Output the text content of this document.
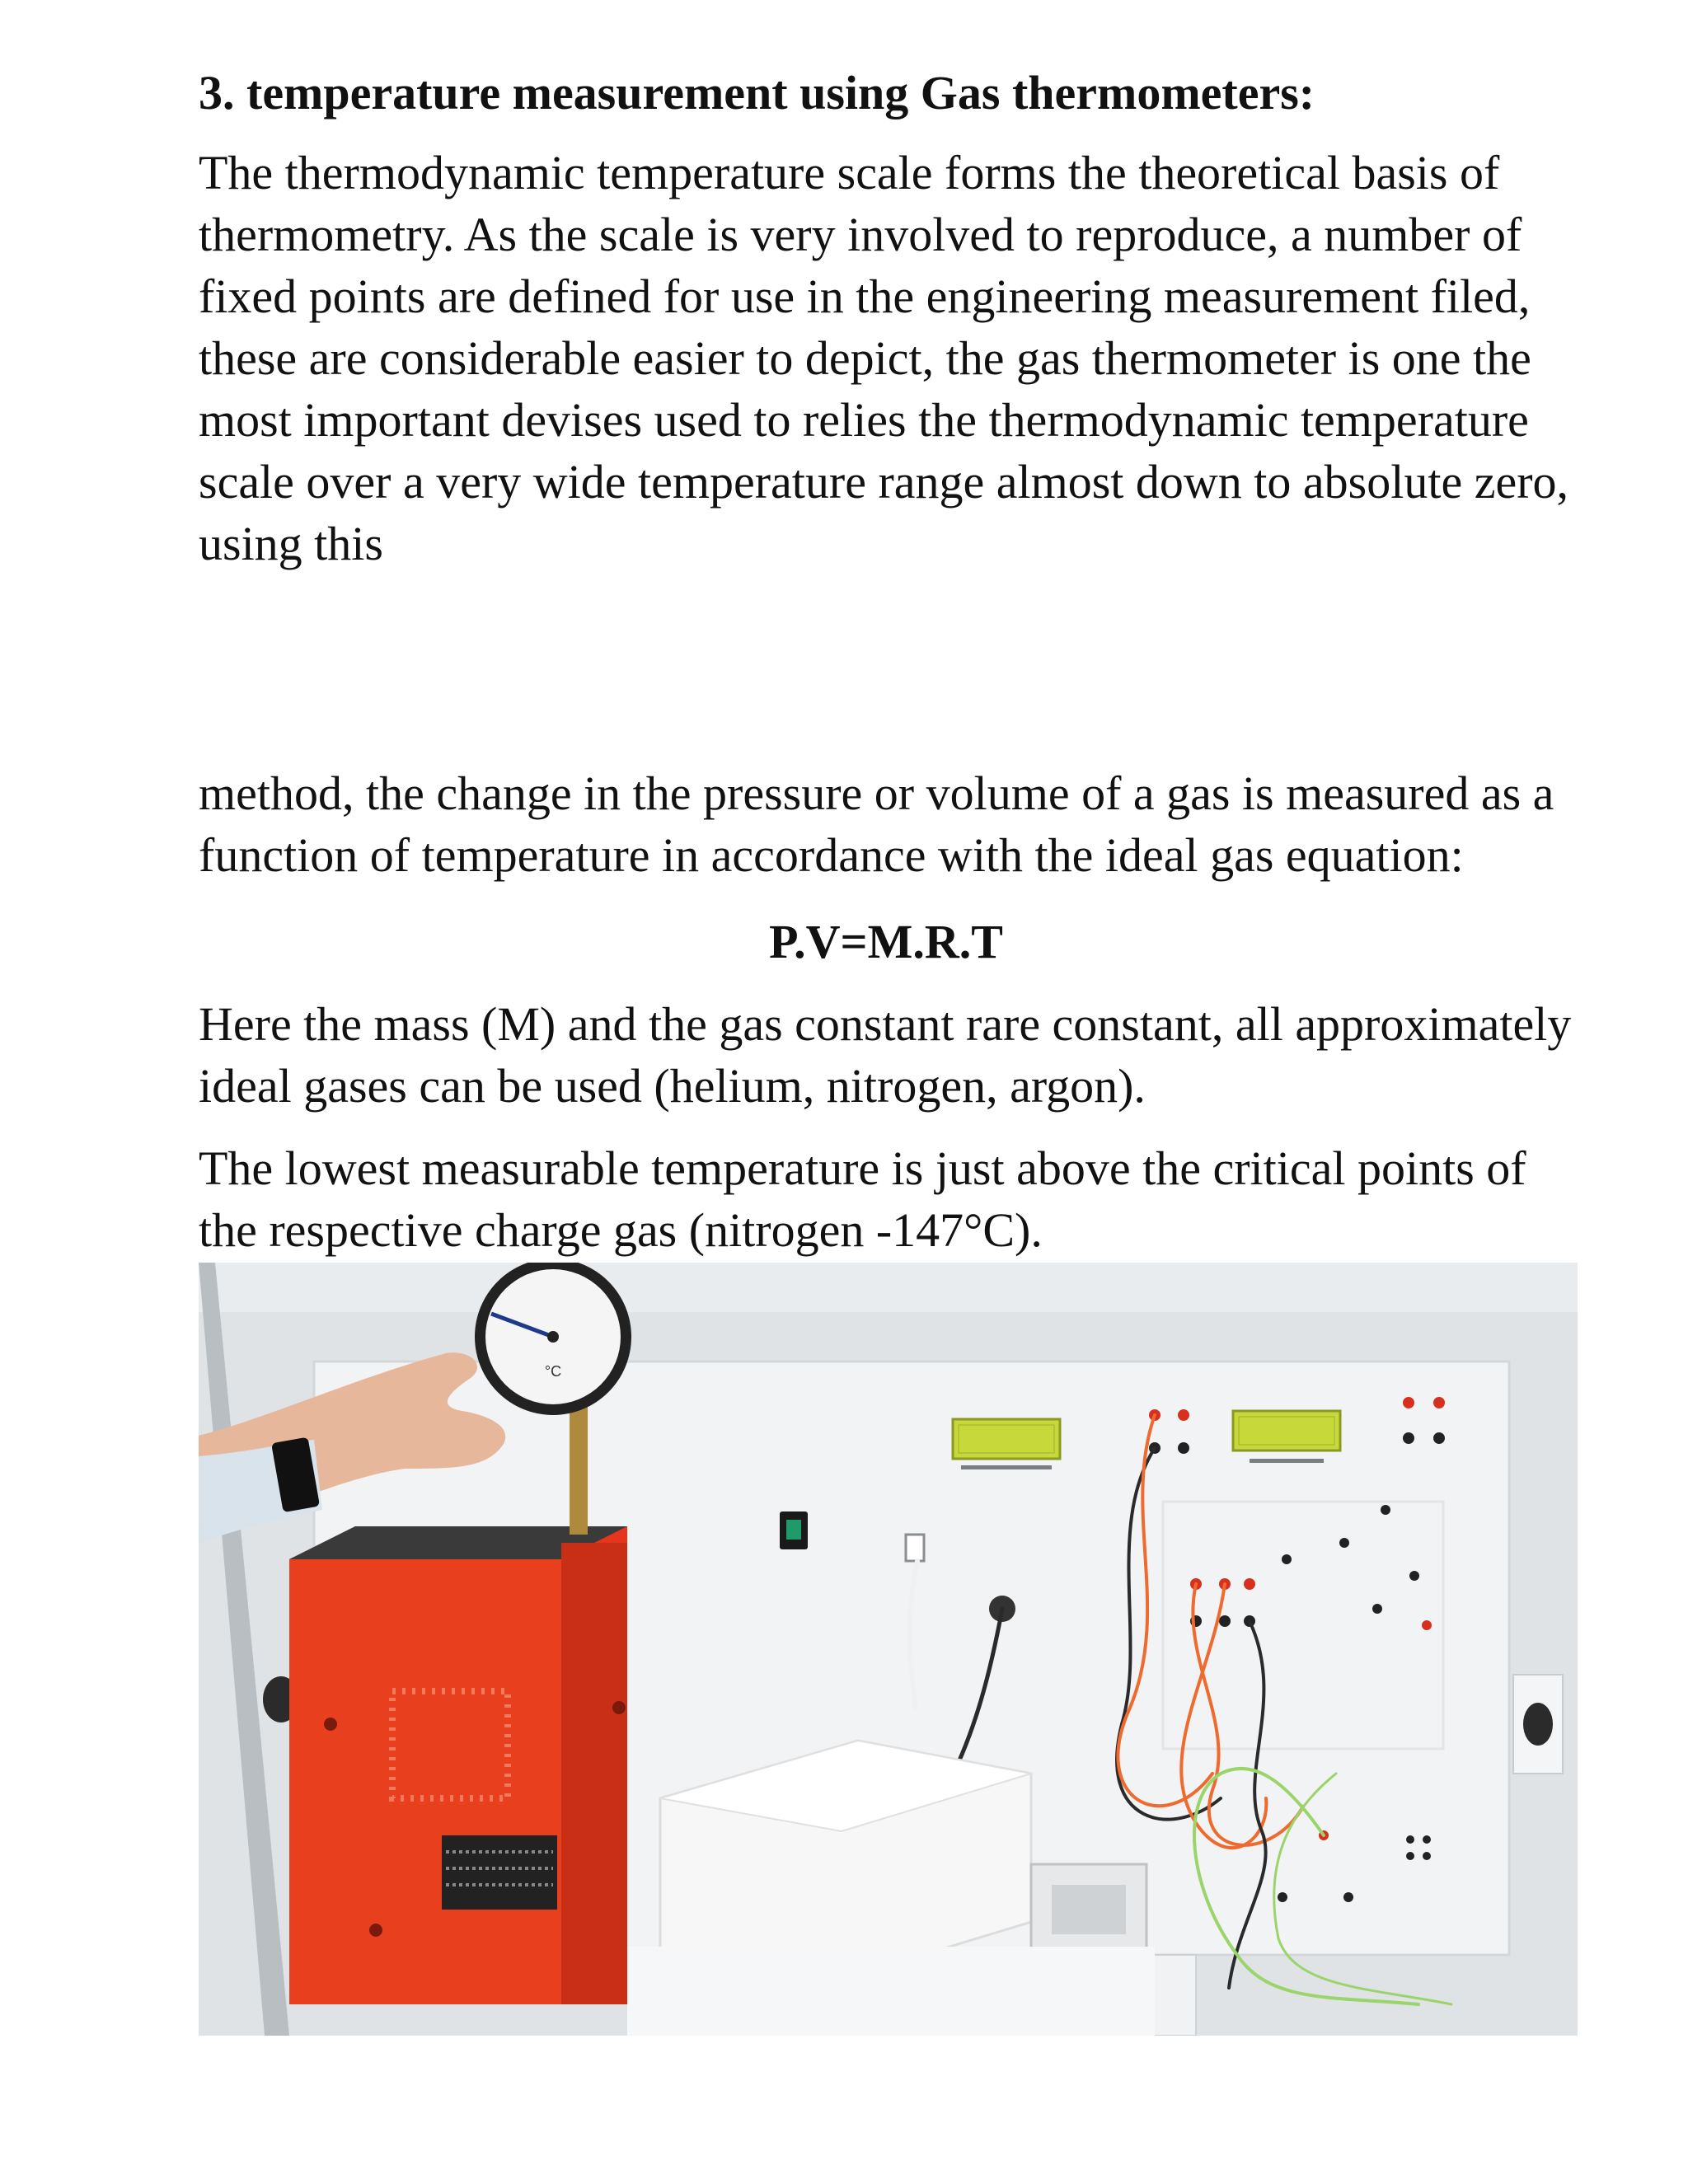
3. temperature measurement using Gas thermometers:

The thermodynamic temperature scale forms the theoretical basis of thermometry. As the scale is very involved to reproduce, a number of fixed points are defined for use in the engineering measurement filed, these are considerable easier to depict, the gas thermometer is one the most important devises used to relies the thermodynamic temperature scale over a very wide temperature range almost down to absolute zero, using this

method, the change in the pressure or volume of a gas is measured as a function of temperature in accordance with the ideal gas equation:

P.V=M.R.T

Here the mass (M) and the gas constant rare constant, all approximately ideal gases can be used (helium, nitrogen, argon).

The lowest measurable temperature is just above the critical points of the respective charge gas (nitrogen -147°C).

°C
